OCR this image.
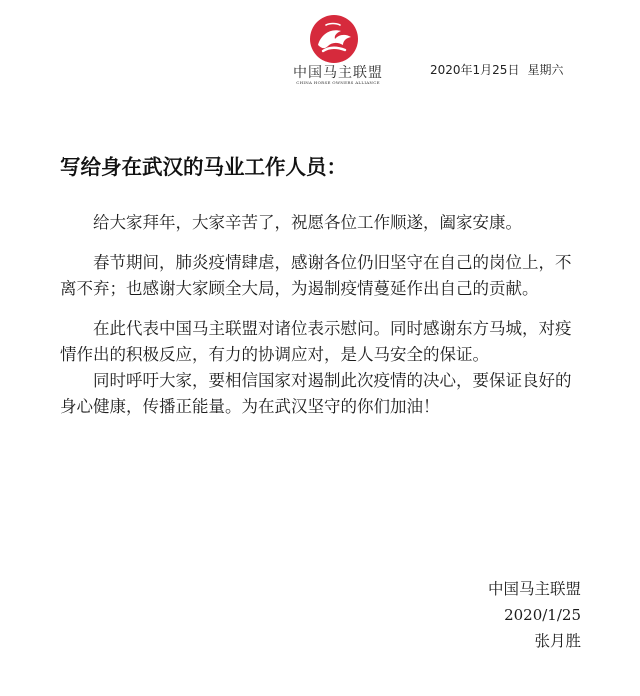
中国马主联盟
CHINA HORSE OWNERS ALLIANCE
2020年1月25日 星期六
写给身在武汉的马业工作人员：

给大家拜年，大家辛苦了，祝愿各位工作顺遂，阖家安康。

春节期间，肺炎疫情肆虐，感谢各位仍旧坚守在自己的岗位上，不离不弃；也感谢大家顾全大局，为遏制疫情蔓延作出自己的贡献。

在此代表中国马主联盟对诸位表示慰问。同时感谢东方马城，对疫情作出的积极反应，有力的协调应对，是人马安全的保证。

同时呼吁大家，要相信国家对遏制此次疫情的决心，要保证良好的身心健康，传播正能量。为在武汉坚守的你们加油！

中国马主联盟
2020/1/25
张月胜
